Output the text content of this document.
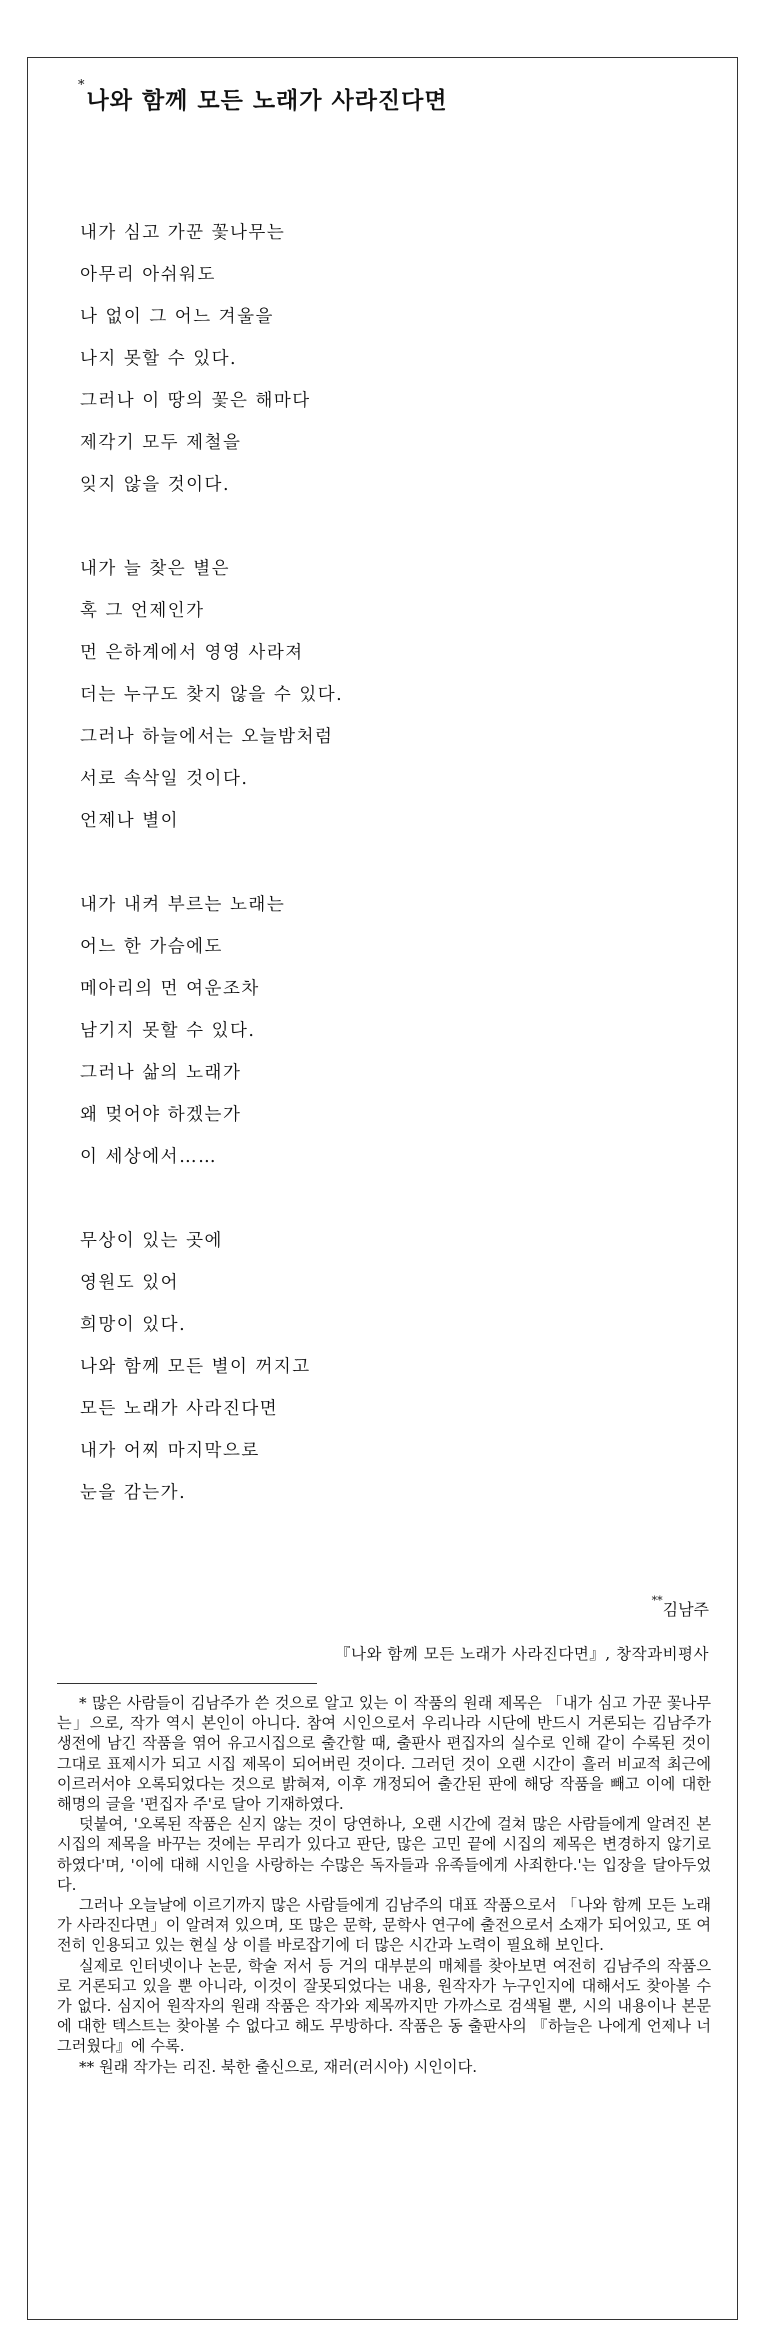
*나와 함께 모든 노래가 사라진다면
내가 심고 가꾼 꽃나무는
아무리 아쉬워도
나 없이 그 어느 겨울을
나지 못할 수 있다.
그러나 이 땅의 꽃은 해마다
제각기 모두 제철을
잊지 않을 것이다.
내가 늘 찾은 별은
혹 그 언제인가
먼 은하계에서 영영 사라져
더는 누구도 찾지 않을 수 있다.
그러나 하늘에서는 오늘밤처럼
서로 속삭일 것이다.
언제나 별이
내가 내켜 부르는 노래는
어느 한 가슴에도
메아리의 먼 여운조차
남기지 못할 수 있다.
그러나 삶의 노래가
왜 멎어야 하겠는가
이 세상에서……
무상이 있는 곳에
영원도 있어
희망이 있다.
나와 함께 모든 별이 꺼지고
모든 노래가 사라진다면
내가 어찌 마지막으로
눈을 감는가.
**김남주
『나와 함께 모든 노래가 사라진다면』, 창작과비평사

* 많은 사람들이 김남주가 쓴 것으로 알고 있는 이 작품의 원래 제목은 「내가 심고 가꾼 꽃나무는」으로, 작가 역시 본인이 아니다. 참여 시인으로서 우리나라 시단에 반드시 거론되는 김남주가 생전에 남긴 작품을 엮어 유고시집으로 출간할 때, 출판사 편집자의 실수로 인해 같이 수록된 것이 그대로 표제시가 되고 시집 제목이 되어버린 것이다. 그러던 것이 오랜 시간이 흘러 비교적 최근에 이르러서야 오록되었다는 것으로 밝혀져, 이후 개정되어 출간된 판에 해당 작품을 빼고 이에 대한 해명의 글을 '편집자 주'로 달아 기재하였다.

덧붙여, '오록된 작품은 싣지 않는 것이 당연하나, 오랜 시간에 걸쳐 많은 사람들에게 알려진 본 시집의 제목을 바꾸는 것에는 무리가 있다고 판단, 많은 고민 끝에 시집의 제목은 변경하지 않기로 하였다'며, '이에 대해 시인을 사랑하는 수많은 독자들과 유족들에게 사죄한다.'는 입장을 달아두었다.

그러나 오늘날에 이르기까지 많은 사람들에게 김남주의 대표 작품으로서 「나와 함께 모든 노래가 사라진다면」이 알려져 있으며, 또 많은 문학, 문학사 연구에 출전으로서 소재가 되어있고, 또 여전히 인용되고 있는 현실 상 이를 바로잡기에 더 많은 시간과 노력이 필요해 보인다.

실제로 인터넷이나 논문, 학술 저서 등 거의 대부분의 매체를 찾아보면 여전히 김남주의 작품으로 거론되고 있을 뿐 아니라, 이것이 잘못되었다는 내용, 원작자가 누구인지에 대해서도 찾아볼 수가 없다. 심지어 원작자의 원래 작품은 작가와 제목까지만 가까스로 검색될 뿐, 시의 내용이나 본문에 대한 텍스트는 찾아볼 수 없다고 해도 무방하다. 작품은 동 출판사의 『하늘은 나에게 언제나 너그러웠다』에 수록.

** 원래 작가는 리진. 북한 출신으로, 재러(러시아) 시인이다.
